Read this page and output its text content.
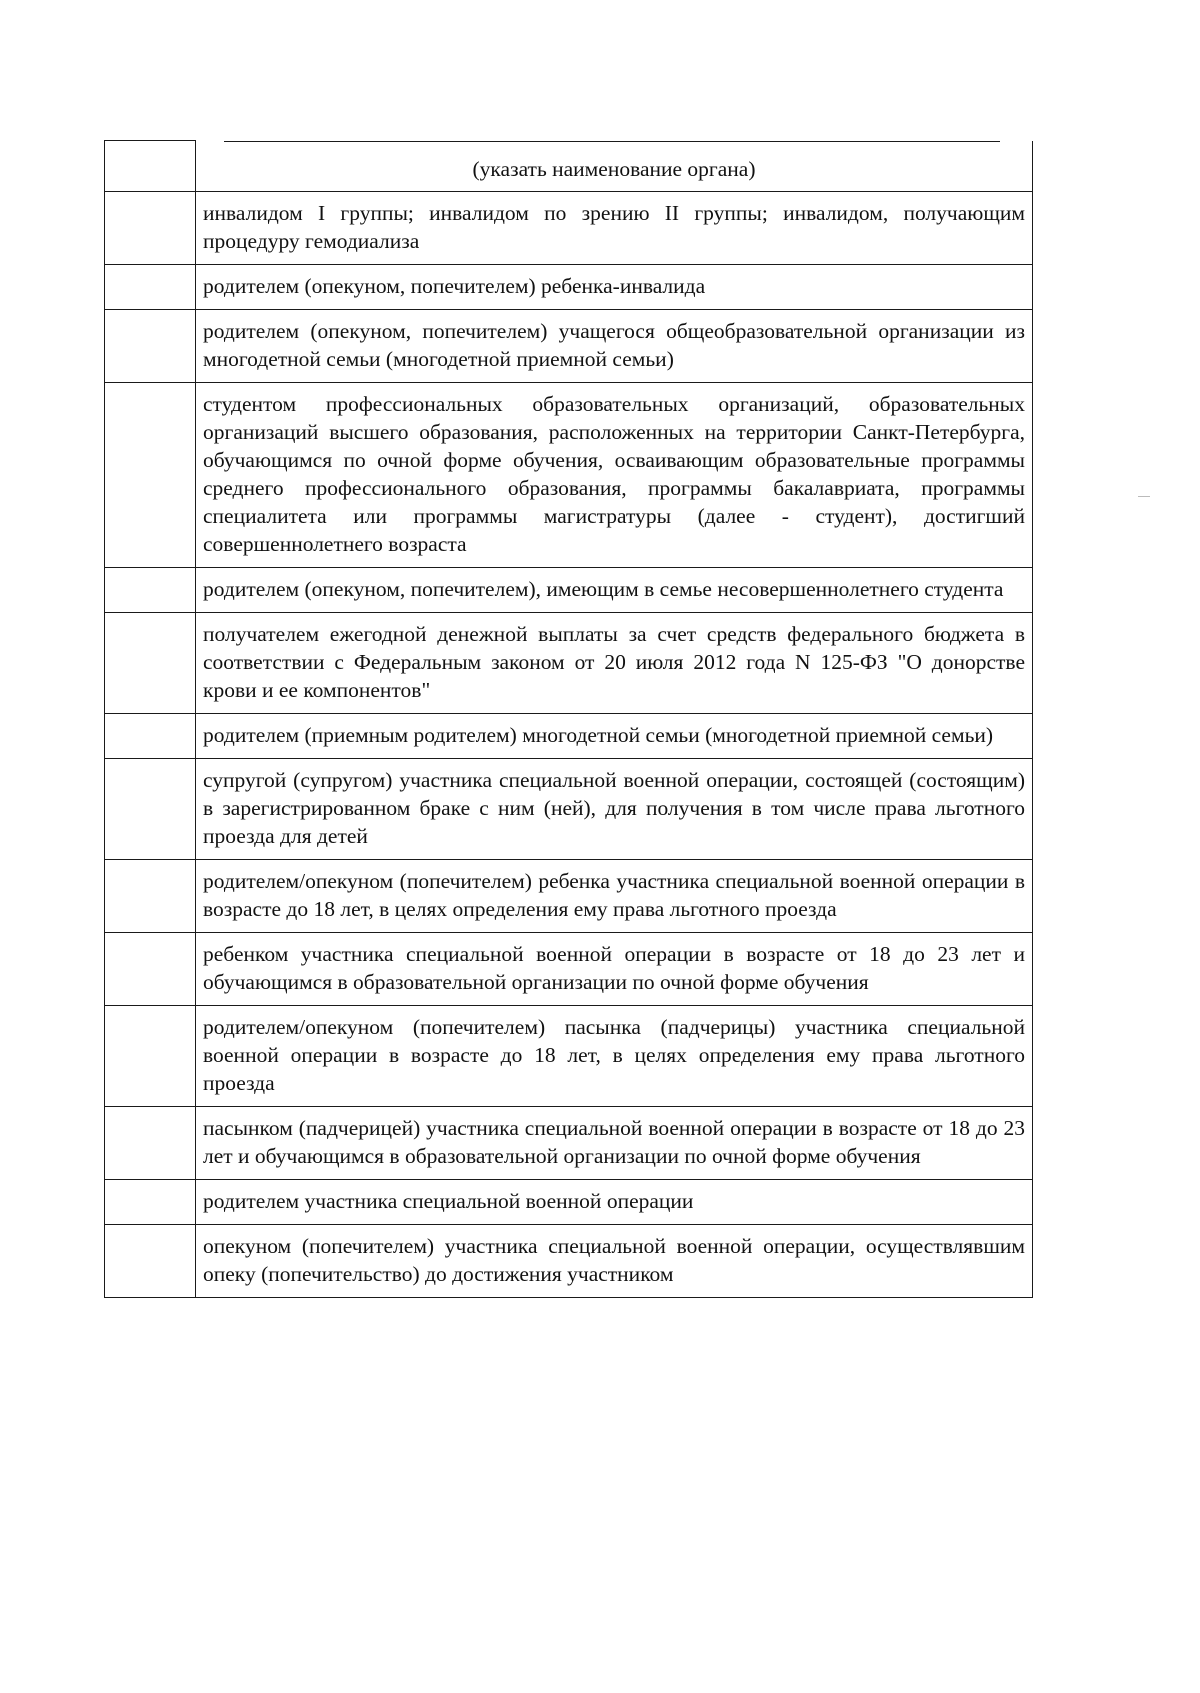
	(указать наименование органа)

	инвалидом I группы; инвалидом по зрению II группы; инвалидом, получающим процедуру гемодиализа
	родителем (опекуном, попечителем) ребенка-инвалида
	родителем (опекуном, попечителем) учащегося общеобразовательной организации из многодетной семьи (многодетной приемной семьи)
	студентом профессиональных образовательных организаций, образовательных организаций высшего образования, расположенных на территории Санкт-Петербурга, обучающимся по очной форме обучения, осваивающим образовательные программы среднего профессионального образования, программы бакалавриата, программы специалитета или программы магистратуры (далее - студент), достигший совершеннолетнего возраста
	родителем (опекуном, попечителем), имеющим в семье несовершеннолетнего студента
	получателем ежегодной денежной выплаты за счет средств федерального бюджета в соответствии с Федеральным законом от 20 июля 2012 года N 125-ФЗ "О донорстве крови и ее компонентов"
	родителем (приемным родителем) многодетной семьи (многодетной приемной семьи)
	супругой (супругом) участника специальной военной операции, состоящей (состоящим) в зарегистрированном браке с ним (ней), для получения в том числе права льготного проезда для детей
	родителем/опекуном (попечителем) ребенка участника специальной военной операции в возрасте до 18 лет, в целях определения ему права льготного проезда
	ребенком участника специальной военной операции в возрасте от 18 до 23 лет и обучающимся в образовательной организации по очной форме обучения
	родителем/опекуном (попечителем) пасынка (падчерицы) участника специальной военной операции в возрасте до 18 лет, в целях определения ему права льготного проезда
	пасынком (падчерицей) участника специальной военной операции в возрасте от 18 до 23 лет и обучающимся в образовательной организации по очной форме обучения
	родителем участника специальной военной операции
	опекуном (попечителем) участника специальной военной операции, осуществлявшим опеку (попечительство) до достижения участником
